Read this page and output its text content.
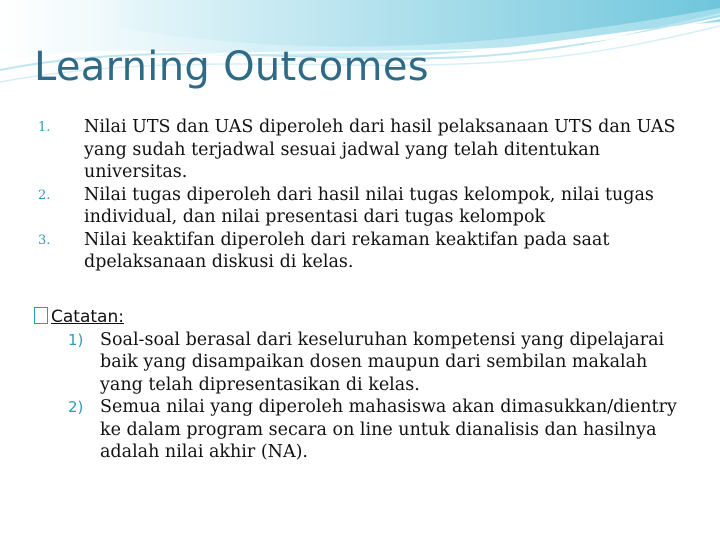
Learning Outcomes
1.	Nilai UTS dan UAS diperoleh dari hasil pelaksanaan UTS dan UAS yang sudah terjadwal sesuai jadwal yang telah ditentukan universitas.
2.	Nilai tugas diperoleh dari hasil nilai tugas kelompok, nilai tugas individual, dan nilai presentasi dari tugas kelompok
3.	Nilai keaktifan diperoleh dari rekaman keaktifan pada saat dpelaksanaan diskusi di kelas.
Catatan:
1) Soal-soal berasal dari keseluruhan kompetensi yang dipelajarai baik yang disampaikan dosen maupun dari sembilan makalah yang telah dipresentasikan di kelas.
2) Semua nilai yang diperoleh mahasiswa akan dimasukkan/dientry ke dalam program secara on line untuk dianalisis dan hasilnya adalah nilai akhir (NA).
